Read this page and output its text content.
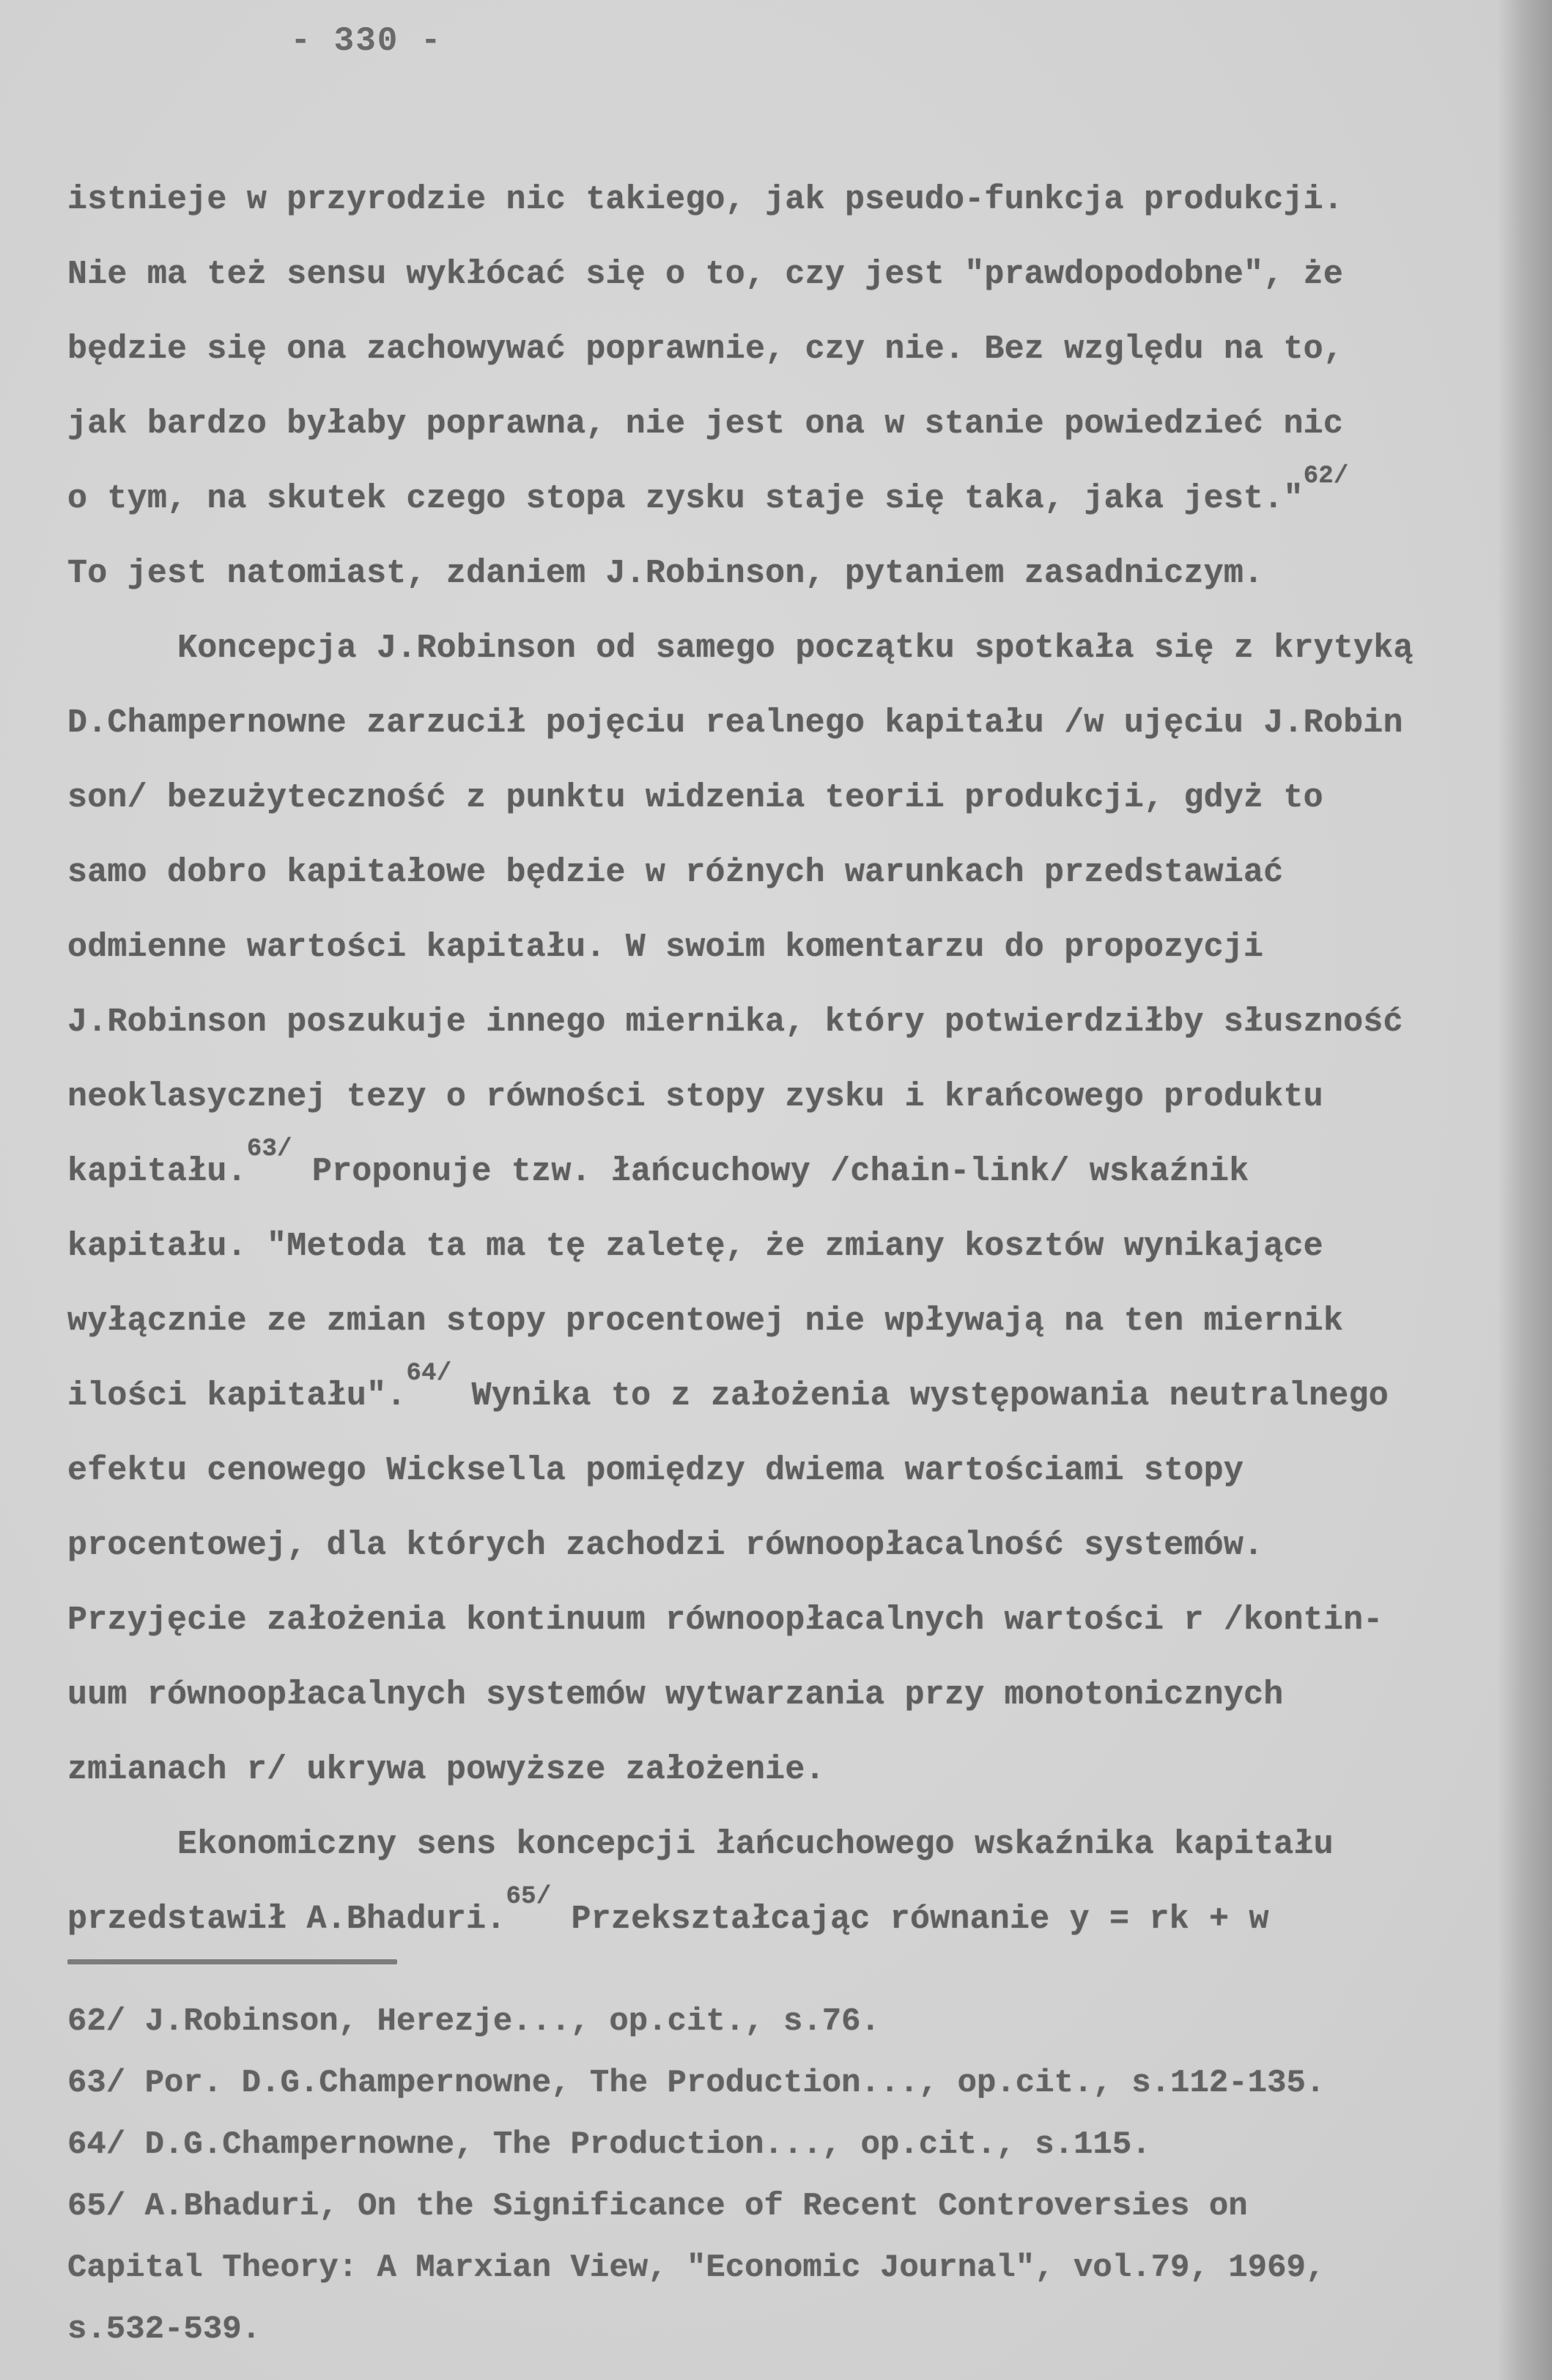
- 330 -
istnieje w przyrodzie nic takiego, jak pseudo-funkcja produkcji.
Nie ma też sensu wykłócać się o to, czy jest "prawdopodobne", że
będzie się ona zachowywać poprawnie, czy nie. Bez względu na to,
jak bardzo byłaby poprawna, nie jest ona w stanie powiedzieć nic
o tym, na skutek czego stopa zysku staje się taka, jaka jest."$^{62/}$
To jest natomiast, zdaniem J.Robinson, pytaniem zasadniczym.
Koncepcja J.Robinson od samego początku spotkała się z krytyką
D.Champernowne zarzucił pojęciu realnego kapitału /w ujęciu J.Robin
son/ bezużyteczność z punktu widzenia teorii produkcji, gdyż to
samo dobro kapitałowe będzie w różnych warunkach przedstawiać
odmienne wartości kapitału. W swoim komentarzu do propozycji
J.Robinson poszukuje innego miernika, który potwierdziłby słuszność
neoklasycznej tezy o równości stopy zysku i krańcowego produktu
kapitału.$^{63/}$ Proponuje tzw. łańcuchowy /chain-link/ wskaźnik
kapitału. "Metoda ta ma tę zaletę, że zmiany kosztów wynikające
wyłącznie ze zmian stopy procentowej nie wpływają na ten miernik
ilości kapitału".$^{64/}$ Wynika to z założenia występowania neutralnego
efektu cenowego Wicksella pomiędzy dwiema wartościami stopy
procentowej, dla których zachodzi równoopłacalność systemów.
Przyjęcie założenia kontinuum równoopłacalnych wartości r /kontin-
uum równoopłacalnych systemów wytwarzania przy monotonicznych
zmianach r/ ukrywa powyższe założenie.
Ekonomiczny sens koncepcji łańcuchowego wskaźnika kapitału
przedstawił A.Bhaduri.$^{65/}$ Przekształcając równanie y = rk + w
62/ J.Robinson, Herezje..., op.cit., s.76.
63/ Por. D.G.Champernowne, The Production..., op.cit., s.112-135.
64/ D.G.Champernowne, The Production..., op.cit., s.115.
65/ A.Bhaduri, On the Significance of Recent Controversies on
Capital Theory: A Marxian View, "Economic Journal", vol.79, 1969,
s.532-539.
